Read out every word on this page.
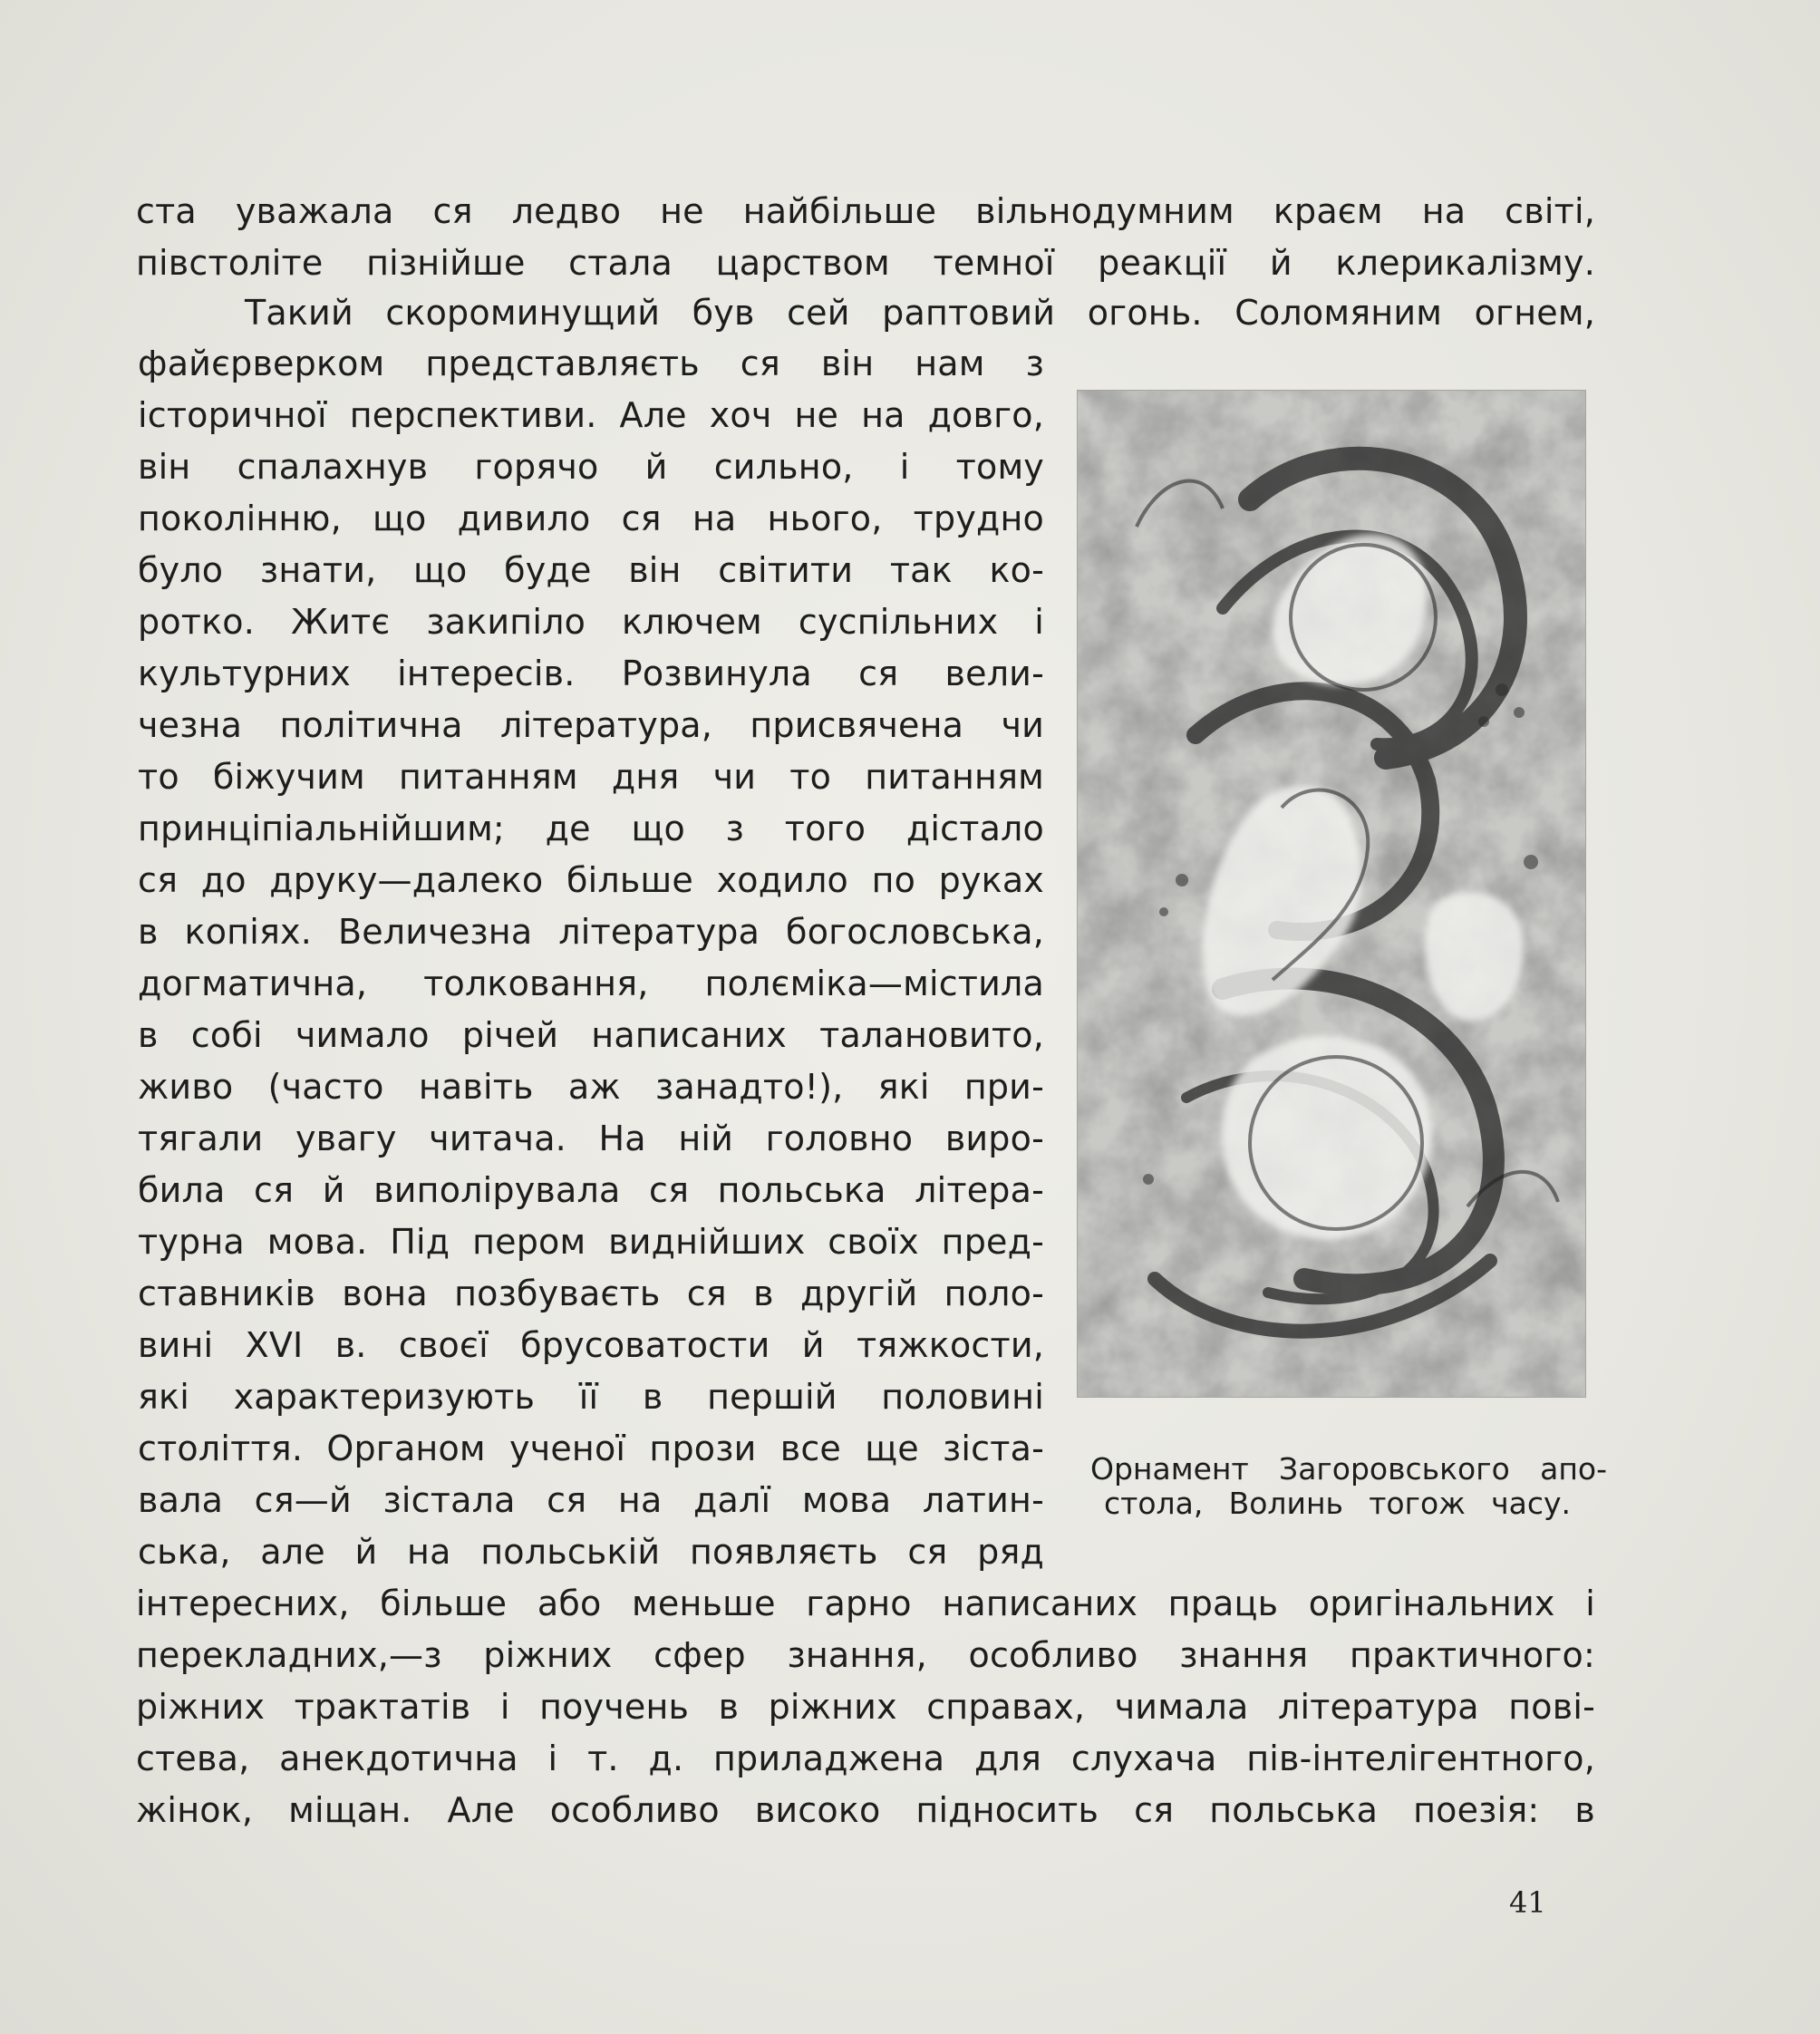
ста уважала ся ледво не найбільше вільнодумним краєм на світі,
півстоліте пізнійше стала царством темної реакції й клерикалізму.
Такий скороминущий був сей раптовий огонь. Соломяним огнем,
файєрверком представляєть ся він нам з
історичної перспективи. Але хоч не на довго,
він спалахнув горячо й сильно, і тому
поколінню, що дивило ся на нього, трудно
було знати, що буде він світити так ко-
ротко. Житє закипіло ключем суспільних і
культурних інтересів. Розвинула ся вели-
чезна політична література, присвячена чи
то біжучим питанням дня чи то питанням
принціпіальнійшим; де що з того дістало
ся до друку—далеко більше ходило по руках
в копіях. Величезна література богословська,
догматична, толковання, полєміка—містила
в собі чимало річей написаних талановито,
живо (часто навіть аж занадто!), які при-
тягали увагу читача. На ній головно виро-
била ся й виполірувала ся польська літера-
турна мова. Під пером виднійших своїх пред-
ставників вона позбуваєть ся в другій поло-
вині XVI в. своєї брусоватости й тяжкости,
які характеризують її в першій половині
століття. Органом ученої прози все ще зіста-
вала ся—й зістала ся на далї мова латин-
ська, але й на польській появляєть ся ряд
інтересних, більше або меньше гарно написаних праць оригінальних і
перекладних,—з ріжних сфер знання, особливо знання практичного:
ріжних трактатів і поучень в ріжних справах, чимала література пові-
стева, анекдотична і т. д. приладжена для слухача пів-інтелігентного,
жінок, міщан. Але особливо високо підносить ся польська поезія: в
Орнамент Загоровського апо-
стола, Волинь тогож часу.
41
